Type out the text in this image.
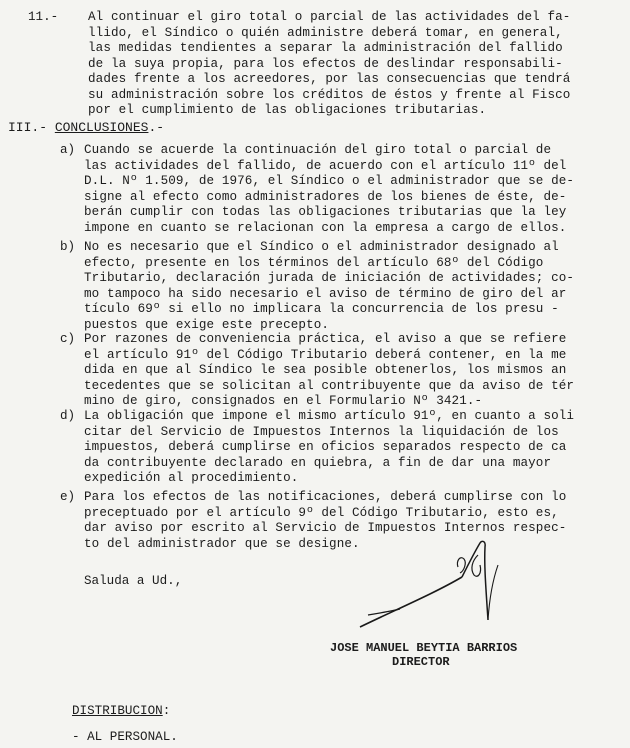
11.- Al continuar el giro total o parcial de las actividades del fa-
llido, el Síndico o quién administre deberá tomar, en general,
las medidas tendientes a separar la administración del fallido
de la suya propia, para los efectos de deslindar responsabili-
dades frente a los acreedores, por las consecuencias que tendrá
su administración sobre los créditos de éstos y frente al Fisco
por el cumplimiento de las obligaciones tributarias.
III.- CONCLUSIONES.-
a) Cuando se acuerde la continuación del giro total o parcial de
las actividades del fallido, de acuerdo con el artículo 11º del
D.L. Nº 1.509, de 1976, el Síndico o el administrador que se de-
signe al efecto como administradores de los bienes de éste, de-
berán cumplir con todas las obligaciones tributarias que la ley
impone en cuanto se relacionan con la empresa a cargo de ellos.
b) No es necesario que el Síndico o el administrador designado al
efecto, presente en los términos del artículo 68º del Código
Tributario, declaración jurada de iniciación de actividades; co-
mo tampoco ha sido necesario el aviso de término de giro del ar
tículo 69º si ello no implicara la concurrencia de los presu -
puestos que exige este precepto.
c) Por razones de conveniencia práctica, el aviso a que se refiere
el artículo 91º del Código Tributario deberá contener, en la me
dida en que al Síndico le sea posible obtenerlos, los mismos an
tecedentes que se solicitan al contribuyente que da aviso de tér
mino de giro, consignados en el Formulario Nº 3421.-
d) La obligación que impone el mismo artículo 91º, en cuanto a soli
citar del Servicio de Impuestos Internos la liquidación de los
impuestos, deberá cumplirse en oficios separados respecto de ca
da contribuyente declarado en quiebra, a fin de dar una mayor
expedición al procedimiento.
e) Para los efectos de las notificaciones, deberá cumplirse con lo
preceptuado por el artículo 9º del Código Tributario, esto es,
dar aviso por escrito al Servicio de Impuestos Internos respec-
to del administrador que se designe.
Saluda a Ud.,
JOSE MANUEL BEYTIA BARRIOS
DIRECTOR
DISTRIBUCION:
- AL PERSONAL.
